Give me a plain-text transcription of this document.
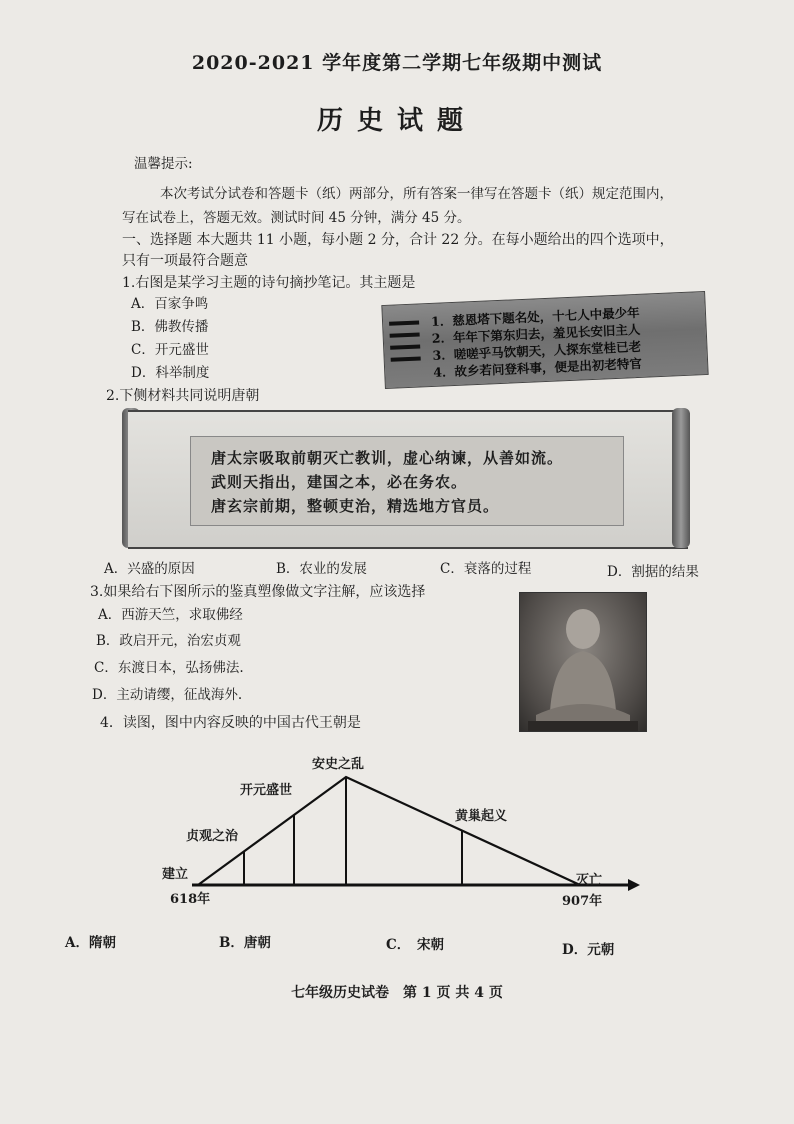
2020-2021 学年度第二学期七年级期中测试
历史试题
温馨提示:
本次考试分试卷和答题卡（纸）两部分，所有答案一律写在答题卡（纸）规定范围内，
写在试卷上，答题无效。测试时间 45 分钟，满分 45 分。
一、选择题 本大题共 11 小题，每小题 2 分，合计 22 分。在每小题给出的四个选项中，
只有一项最符合题意
1.右图是某学习主题的诗句摘抄笔记。其主题是
A．百家争鸣
B．佛教传播
C．开元盛世
D．科举制度
1．慈恩塔下题名处，十七人中最少年
2．年年下第东归去，羞见长安旧主人
3．嗟嗟乎马饮朝天，人探东堂桂已老
4．故乡若问登科事，便是出初老特官
2.下侧材料共同说明唐朝
唐太宗吸取前朝灭亡教训，虚心纳谏，从善如流。
武则天指出，建国之本，必在务农。
唐玄宗前期，整顿吏治，精选地方官员。
A．兴盛的原因	B．农业的发展	C．衰落的过程	D．割据的结果
3.如果给右下图所示的鉴真塑像做文字注解，应该选择
A．西游天竺，求取佛经
B．政启开元，治宏贞观
C．东渡日本，弘扬佛法.
D．主动请缨，征战海外.
4．读图，图中内容反映的中国古代王朝是
建立
618年
贞观之治
开元盛世
安史之乱
黄巢起义
灭亡
907年
A．隋朝	B．唐朝	C．　宋朝	D．元朝
七年级历史试卷　第 1 页 共 4 页
